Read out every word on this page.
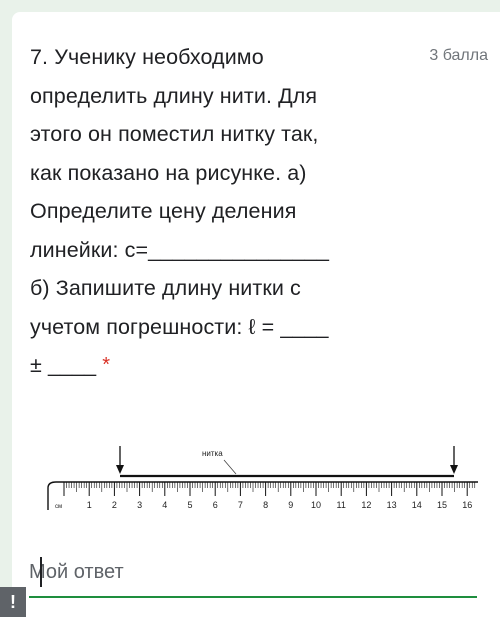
7. Ученику необходимо
определить длину нити. Для
этого он поместил нитку так,
как показано на рисунке. а)
Определите цену деления
линейки: с=_______________
б) Запишите длину нитки с
учетом погрешности: ℓ = ____
± ____ *
3 балла
нитка
см	1 2 3 4 5 6 7 8 9 10 11 12 13 14 15 16
Мой ответ
!
